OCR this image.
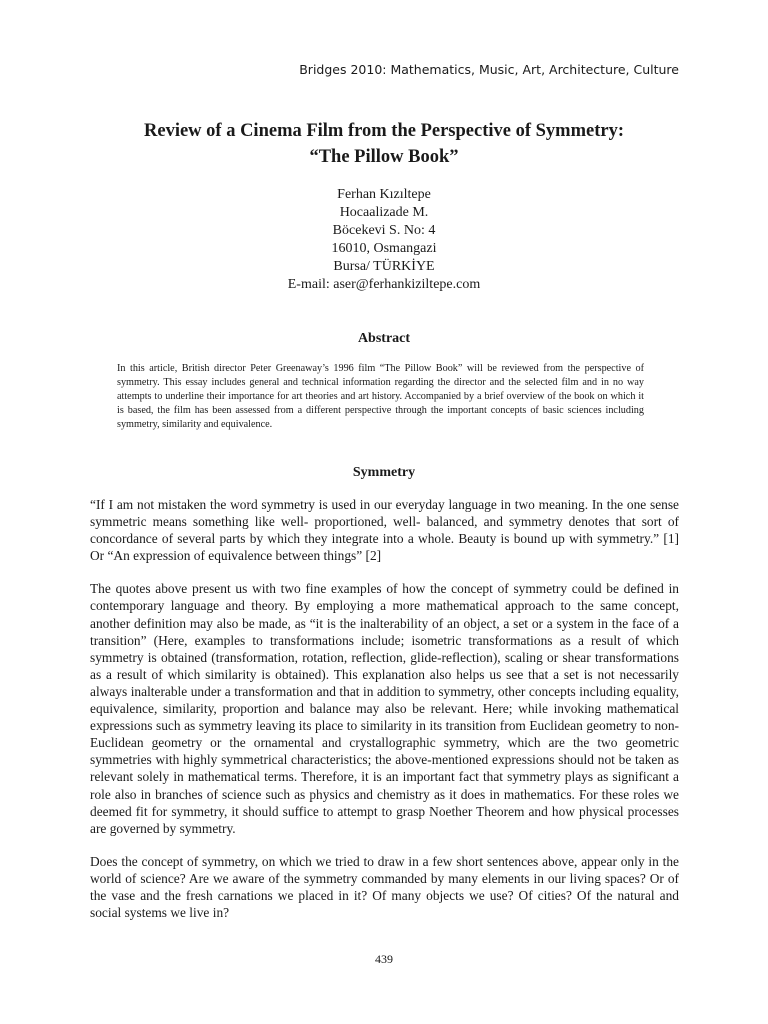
Bridges 2010: Mathematics, Music, Art, Architecture, Culture
Review of a Cinema Film from the Perspective of Symmetry:
“The Pillow Book”
Ferhan Kızıltepe
Hocaalizade M.
Böcekevi S. No: 4
16010, Osmangazi
Bursa/ TÜRKİYE
E-mail: aser@ferhankiziltepe.com
Abstract

In this article, British director Peter Greenaway’s 1996 film “The Pillow Book” will be reviewed from the perspective of symmetry. This essay includes general and technical information regarding the director and the selected film and in no way attempts to underline their importance for art theories and art history. Accompanied by a brief overview of the book on which it is based, the film has been assessed from a different perspective through the important concepts of basic sciences including symmetry, similarity and equivalence.

Symmetry

“If I am not mistaken the word symmetry is used in our everyday language in two meaning. In the one sense symmetric means something like well- proportioned, well- balanced, and symmetry denotes that sort of concordance of several parts by which they integrate into a whole. Beauty is bound up with symmetry.” [1] Or “An expression of equivalence between things” [2]

The quotes above present us with two fine examples of how the concept of symmetry could be defined in contemporary language and theory. By employing a more mathematical approach to the same concept, another definition may also be made, as “it is the inalterability of an object, a set or a system in the face of a transition” (Here, examples to transformations include; isometric transformations as a result of which symmetry is obtained (transformation, rotation, reflection, glide-reflection), scaling or shear transformations as a result of which similarity is obtained). This explanation also helps us see that a set is not necessarily always inalterable under a transformation and that in addition to symmetry, other concepts including equality, equivalence, similarity, proportion and balance may also be relevant. Here; while invoking mathematical expressions such as symmetry leaving its place to similarity in its transition from Euclidean geometry to non-Euclidean geometry or the ornamental and crystallographic symmetry, which are the two geometric symmetries with highly symmetrical characteristics; the above-mentioned expressions should not be taken as relevant solely in mathematical terms. Therefore, it is an important fact that symmetry plays as significant a role also in branches of science such as physics and chemistry as it does in mathematics. For these roles we deemed fit for symmetry, it should suffice to attempt to grasp Noether Theorem and how physical processes are governed by symmetry.

Does the concept of symmetry, on which we tried to draw in a few short sentences above, appear only in the world of science? Are we aware of the symmetry commanded by many elements in our living spaces? Or of the vase and the fresh carnations we placed in it? Of many objects we use? Of cities? Of the natural and social systems we live in?

439
